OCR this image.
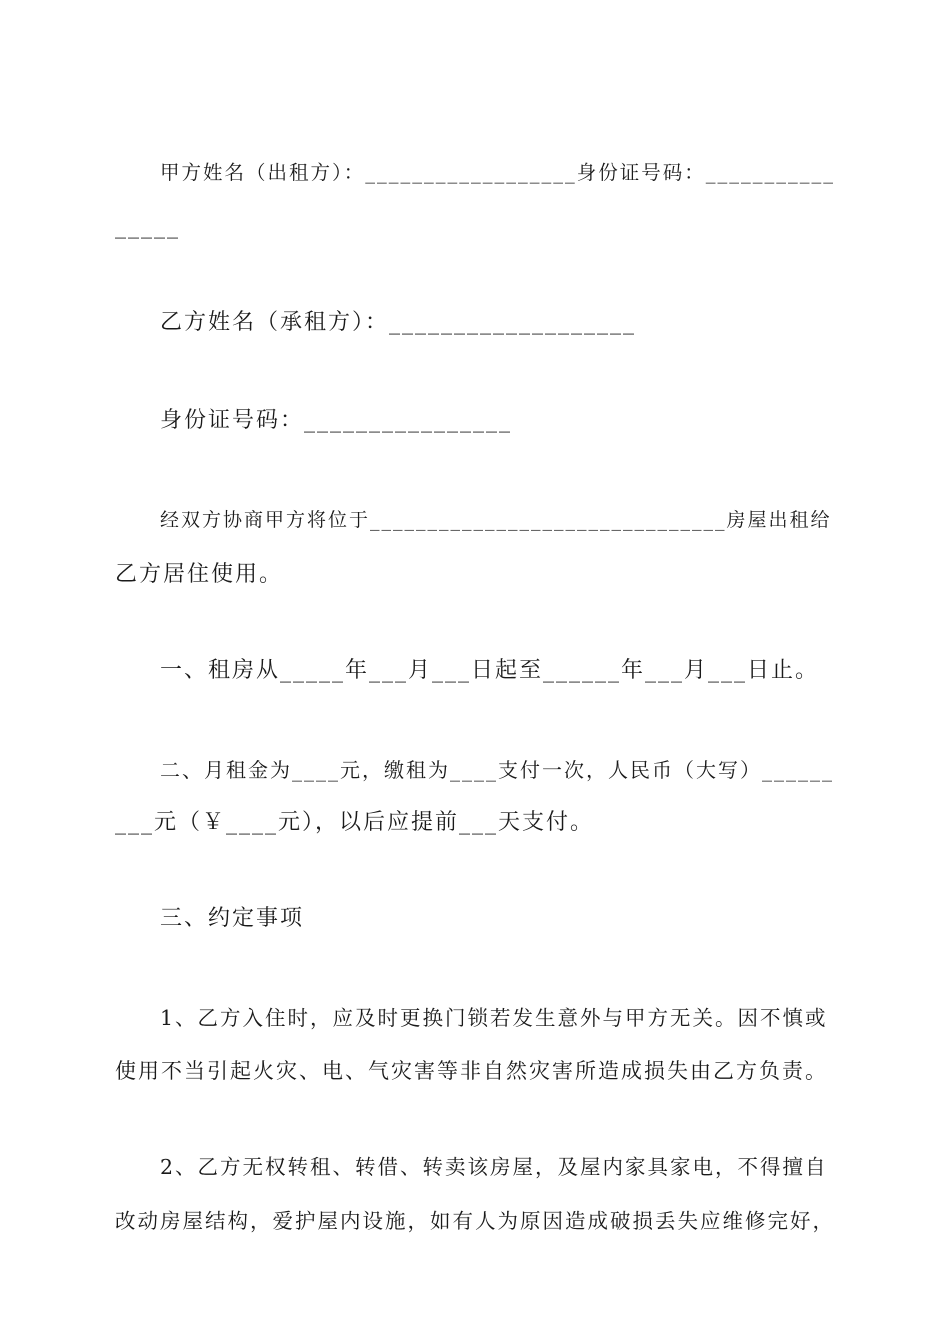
甲方姓名（出租方）：__________________身份证号码：___________
_____
乙方姓名（承租方）：___________________
身份证号码：________________
经双方协商甲方将位于_______________________________房屋出租给
乙方居住使用。
一、租房从_____年___月___日起至______年___月___日止。
二、月租金为____元，缴租为____支付一次，人民币（大写）______
___元（￥____元），以后应提前___天支付。
三、约定事项
1、乙方入住时，应及时更换门锁若发生意外与甲方无关。因不慎或
使用不当引起火灾、电、气灾害等非自然灾害所造成损失由乙方负责。
2、乙方无权转租、转借、转卖该房屋，及屋内家具家电，不得擅自
改动房屋结构，爱护屋内设施，如有人为原因造成破损丢失应维修完好，
